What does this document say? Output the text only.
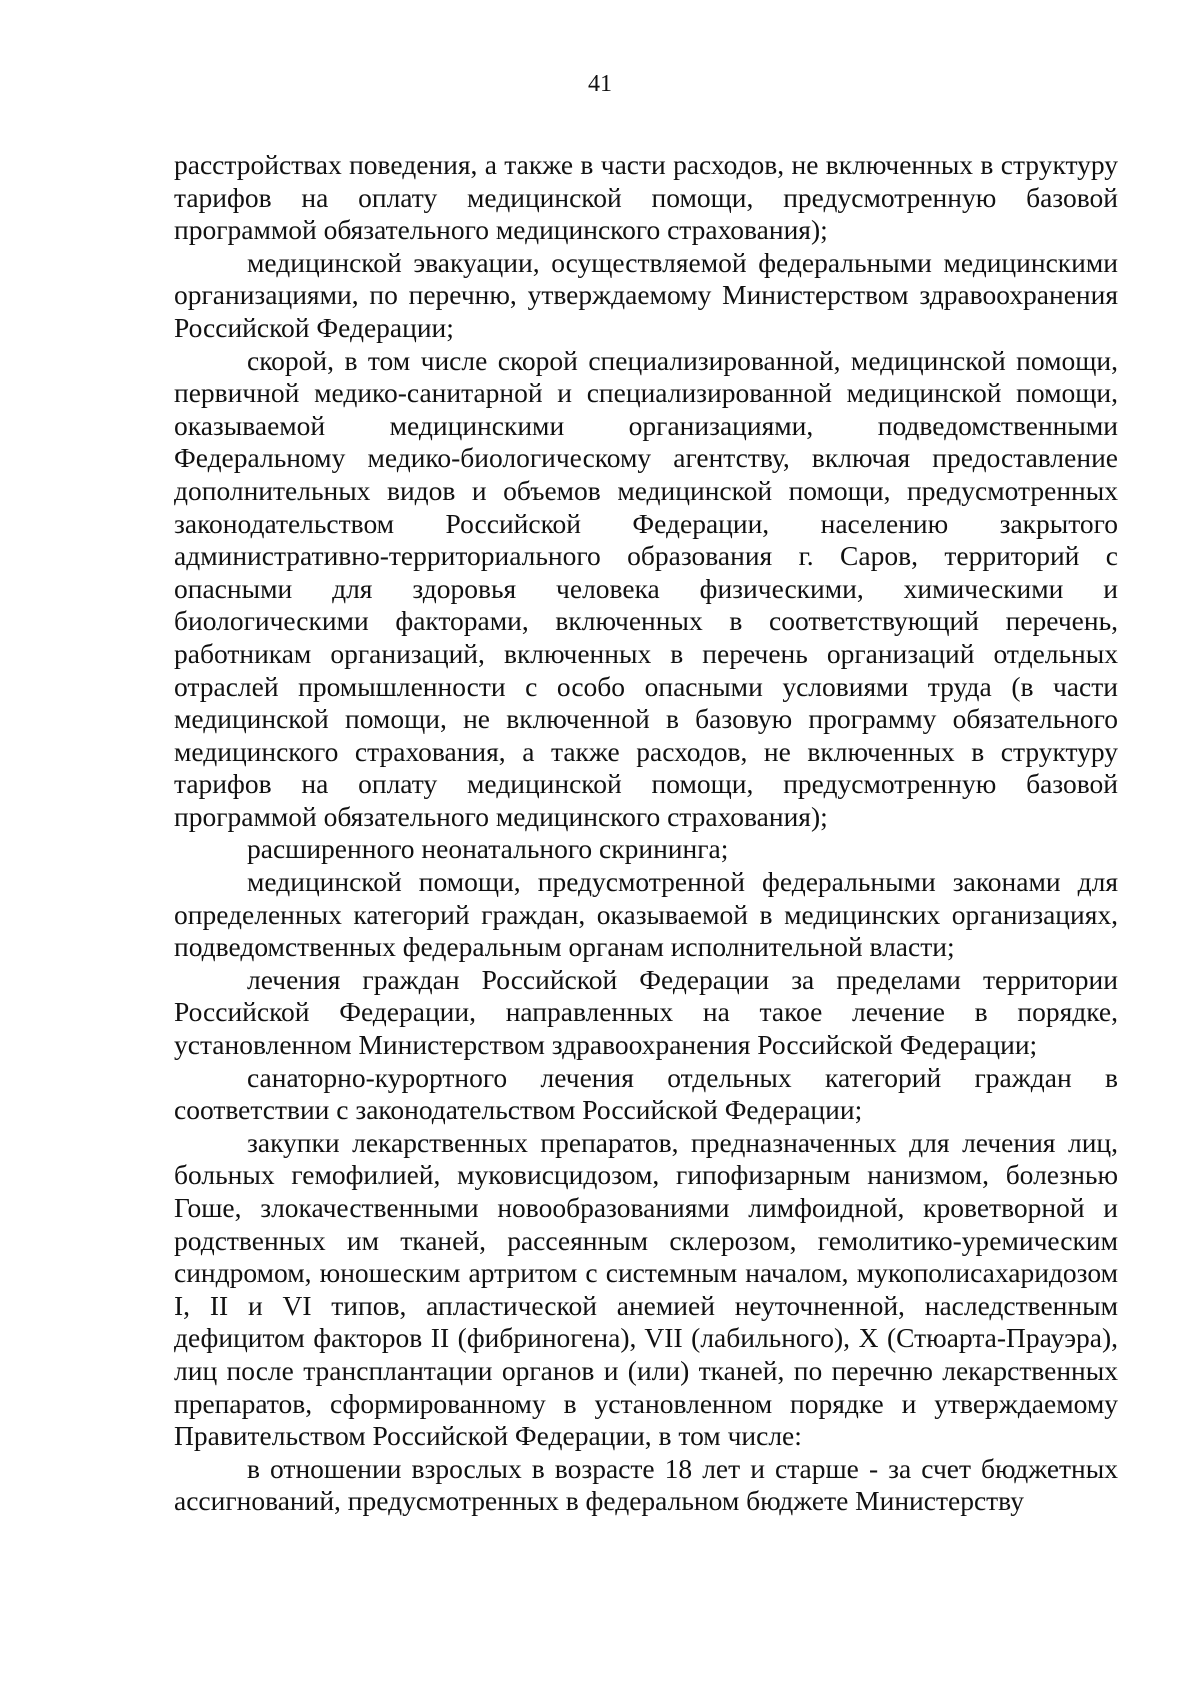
41

расстройствах поведения, а также в части расходов, не включенных в структуру тарифов на оплату медицинской помощи, предусмотренную базовой программой обязательного медицинского страхования);

медицинской эвакуации, осуществляемой федеральными медицинскими организациями, по перечню, утверждаемому Министерством здравоохранения Российской Федерации;

скорой, в том числе скорой специализированной, медицинской помощи, первичной медико-санитарной и специализированной медицинской помощи, оказываемой медицинскими организациями, подведомственными Федеральному медико-биологическому агентству, включая предоставление дополнительных видов и объемов медицинской помощи, предусмотренных законодательством Российской Федерации, населению закрытого административно-территориального образования г. Саров, территорий с опасными для здоровья человека физическими, химическими и биологическими факторами, включенных в соответствующий перечень, работникам организаций, включенных в перечень организаций отдельных отраслей промышленности с особо опасными условиями труда (в части медицинской помощи, не включенной в базовую программу обязательного медицинского страхования, а также расходов, не включенных в структуру тарифов на оплату медицинской помощи, предусмотренную базовой программой обязательного медицинского страхования);

расширенного неонатального скрининга;

медицинской помощи, предусмотренной федеральными законами для определенных категорий граждан, оказываемой в медицинских организациях, подведомственных федеральным органам исполнительной власти;

лечения граждан Российской Федерации за пределами территории Российской Федерации, направленных на такое лечение в порядке, установленном Министерством здравоохранения Российской Федерации;

санаторно-курортного лечения отдельных категорий граждан в соответствии с законодательством Российской Федерации;

закупки лекарственных препаратов, предназначенных для лечения лиц, больных гемофилией, муковисцидозом, гипофизарным нанизмом, болезнью Гоше, злокачественными новообразованиями лимфоидной, кроветворной и родственных им тканей, рассеянным склерозом, гемолитико-уремическим синдромом, юношеским артритом с системным началом, мукополисахаридозом I, II и VI типов, апластической анемией неуточненной, наследственным дефицитом факторов II (фибриногена), VII (лабильного), X (Стюарта-Прауэра), лиц после трансплантации органов и (или) тканей, по перечню лекарственных препаратов, сформированному в установленном порядке и утверждаемому Правительством Российской Федерации, в том числе:

в отношении взрослых в возрасте 18 лет и старше - за счет бюджетных ассигнований, предусмотренных в федеральном бюджете Министерству
